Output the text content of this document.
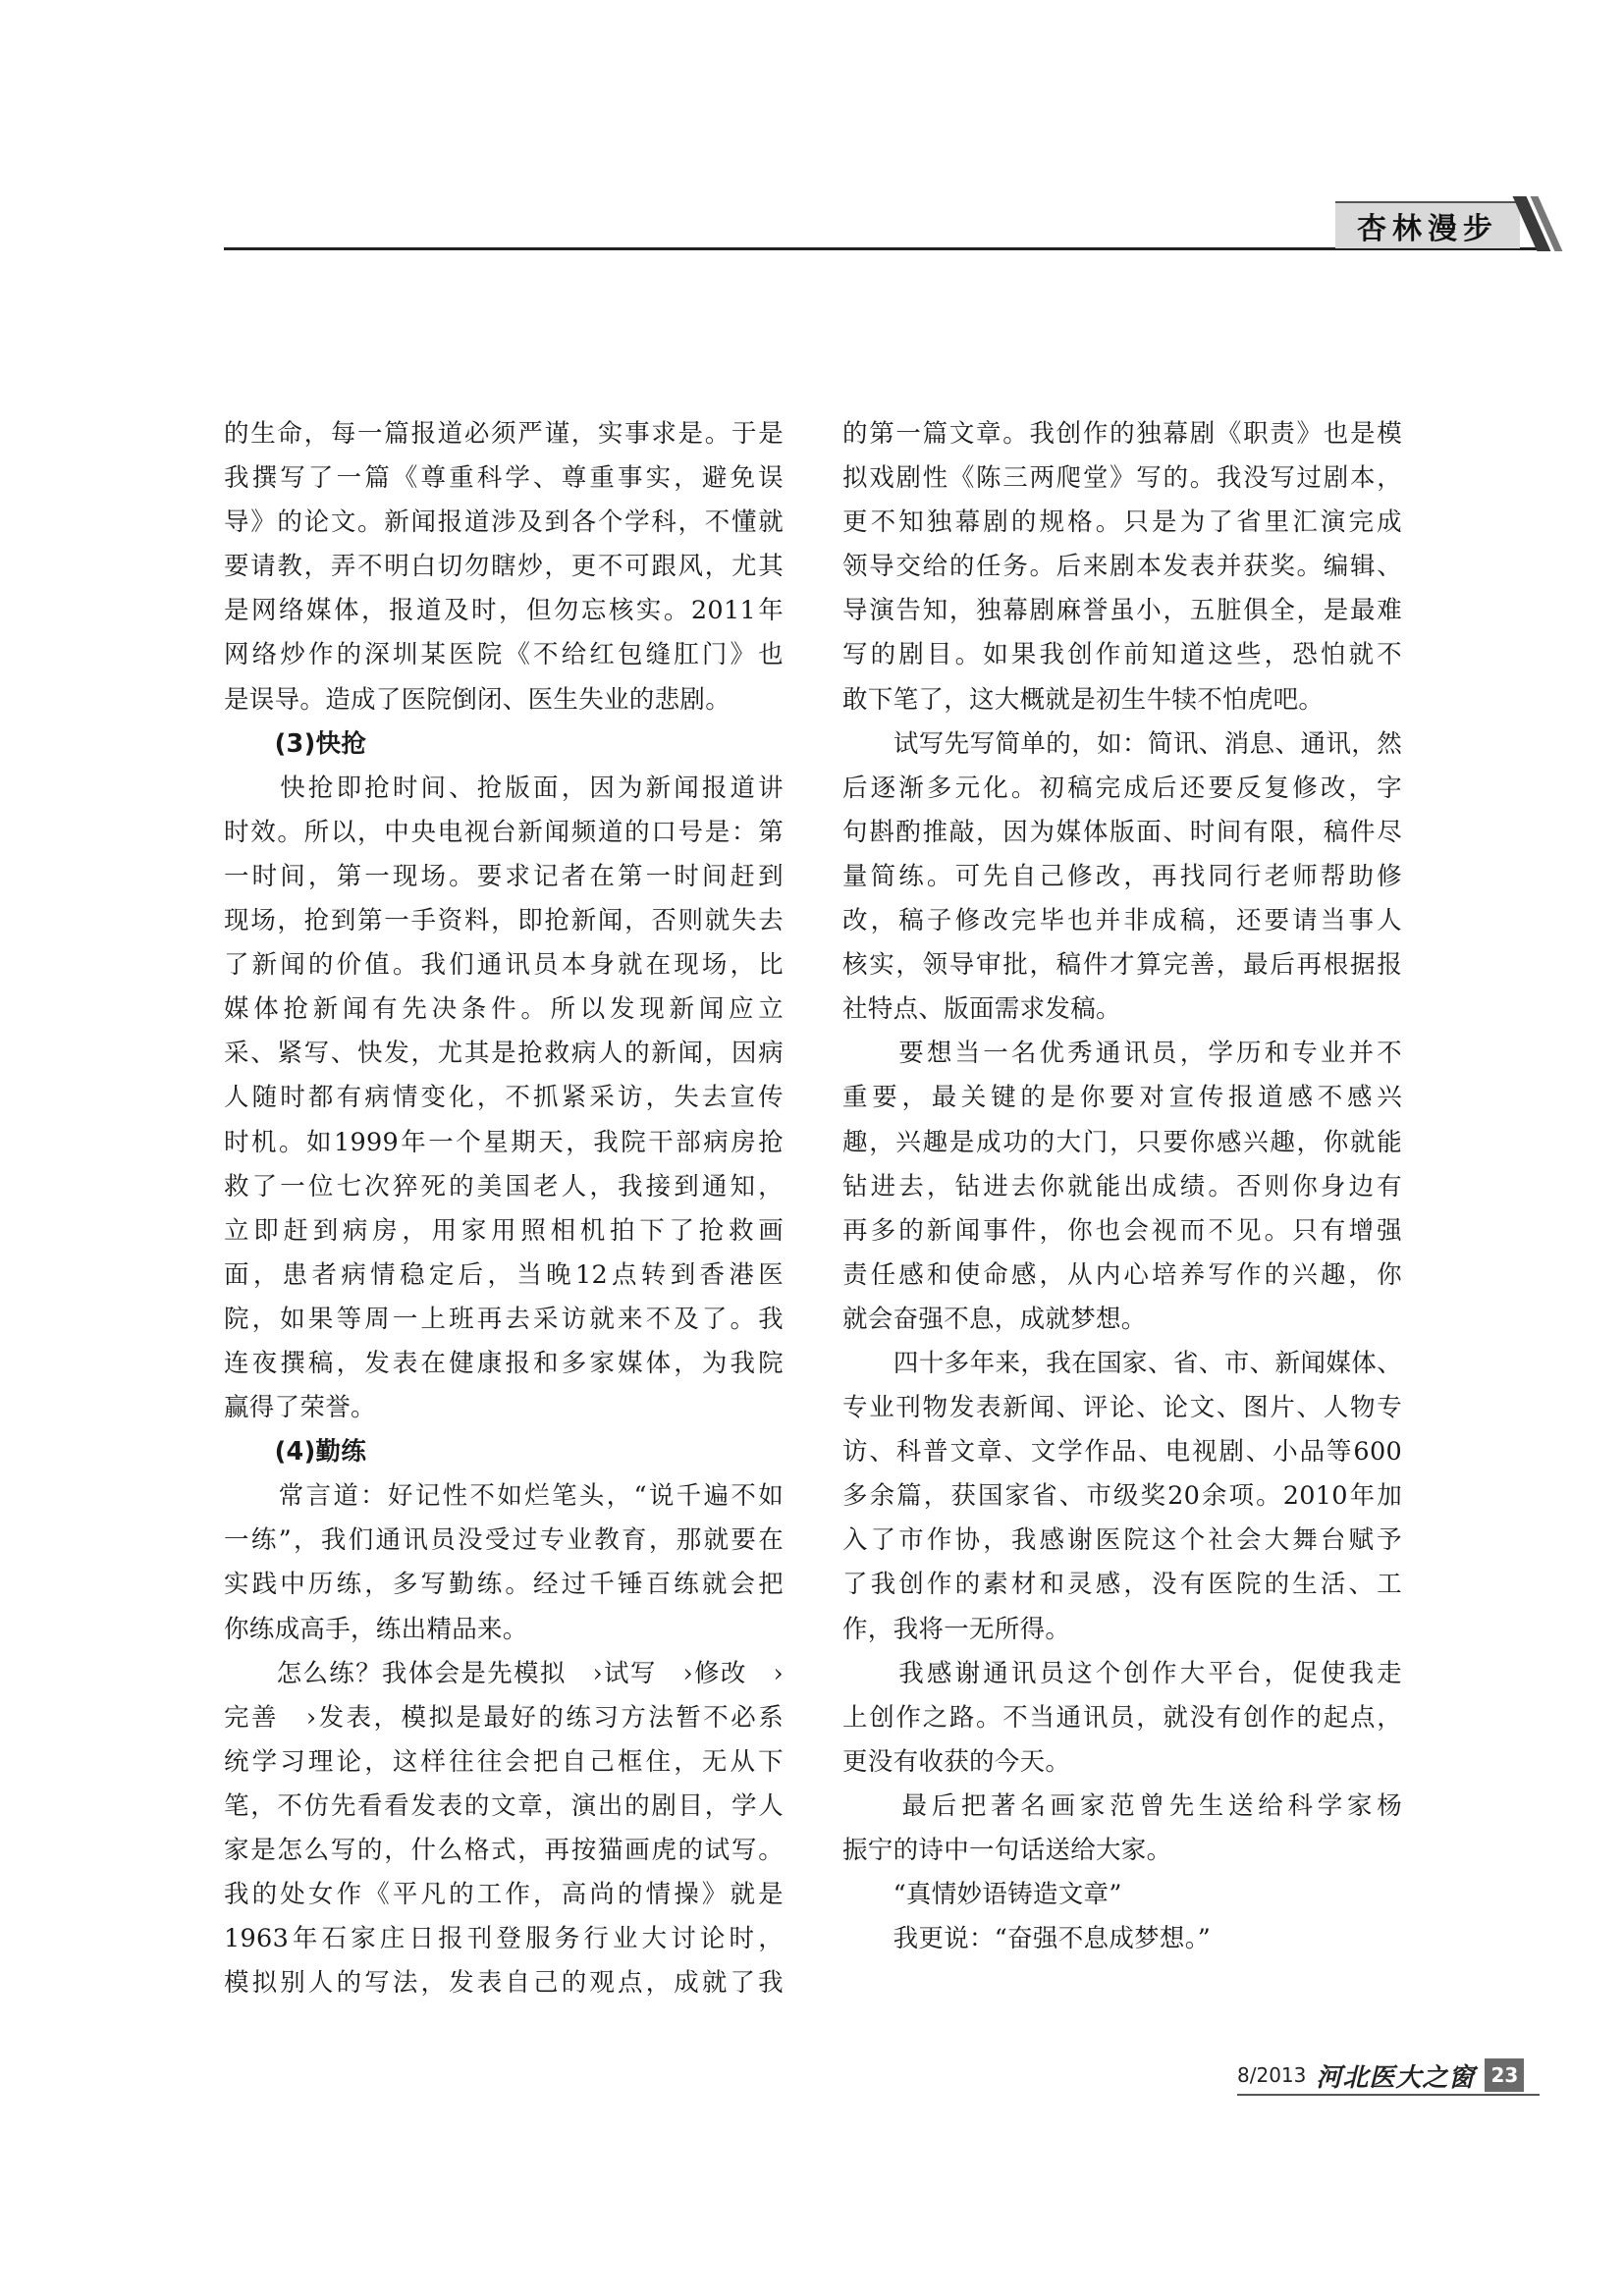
杏林漫步
的生命，每一篇报道必须严谨，实事求是。于是
我撰写了一篇《尊重科学、尊重事实，避免误
导》的论文。新闻报道涉及到各个学科，不懂就
要请教，弄不明白切勿瞎炒，更不可跟风，尤其
是网络媒体，报道及时，但勿忘核实。2011年
网络炒作的深圳某医院《不给红包缝肛门》也
是误导。造成了医院倒闭、医生失业的悲剧。
　　(3)快抢
　　快抢即抢时间、抢版面，因为新闻报道讲
时效。所以，中央电视台新闻频道的口号是：第
一时间，第一现场。要求记者在第一时间赶到
现场，抢到第一手资料，即抢新闻，否则就失去
了新闻的价值。我们通讯员本身就在现场，比
媒体抢新闻有先决条件。所以发现新闻应立
采、紧写、快发，尤其是抢救病人的新闻，因病
人随时都有病情变化，不抓紧采访，失去宣传
时机。如1999年一个星期天，我院干部病房抢
救了一位七次猝死的美国老人，我接到通知，
立即赶到病房，用家用照相机拍下了抢救画
面，患者病情稳定后，当晚12点转到香港医
院，如果等周一上班再去采访就来不及了。我
连夜撰稿，发表在健康报和多家媒体，为我院
赢得了荣誉。
　　(4)勤练
　　常言道：好记性不如烂笔头，“说千遍不如
一练”，我们通讯员没受过专业教育，那就要在
实践中历练，多写勤练。经过千锤百练就会把
你练成高手，练出精品来。
　　怎么练？我体会是先模拟　›试写　›修改　›
完善　›发表，模拟是最好的练习方法暂不必系
统学习理论，这样往往会把自己框住，无从下
笔，不仿先看看发表的文章，演出的剧目，学人
家是怎么写的，什么格式，再按猫画虎的试写。
我的处女作《平凡的工作，高尚的情操》就是
1963年石家庄日报刊登服务行业大讨论时，
模拟别人的写法，发表自己的观点，成就了我
的第一篇文章。我创作的独幕剧《职责》也是模
拟戏剧性《陈三两爬堂》写的。我没写过剧本，
更不知独幕剧的规格。只是为了省里汇演完成
领导交给的任务。后来剧本发表并获奖。编辑、
导演告知，独幕剧麻誉虽小，五脏俱全，是最难
写的剧目。如果我创作前知道这些，恐怕就不
敢下笔了，这大概就是初生牛犊不怕虎吧。
　　试写先写简单的，如：简讯、消息、通讯，然
后逐渐多元化。初稿完成后还要反复修改，字
句斟酌推敲，因为媒体版面、时间有限，稿件尽
量简练。可先自己修改，再找同行老师帮助修
改，稿子修改完毕也并非成稿，还要请当事人
核实，领导审批，稿件才算完善，最后再根据报
社特点、版面需求发稿。
　　要想当一名优秀通讯员，学历和专业并不
重要，最关键的是你要对宣传报道感不感兴
趣，兴趣是成功的大门，只要你感兴趣，你就能
钻进去，钻进去你就能出成绩。否则你身边有
再多的新闻事件，你也会视而不见。只有增强
责任感和使命感，从内心培养写作的兴趣，你
就会奋强不息，成就梦想。
　　四十多年来，我在国家、省、市、新闻媒体、
专业刊物发表新闻、评论、论文、图片、人物专
访、科普文章、文学作品、电视剧、小品等600
多余篇，获国家省、市级奖20余项。2010年加
入了市作协，我感谢医院这个社会大舞台赋予
了我创作的素材和灵感，没有医院的生活、工
作，我将一无所得。
　　我感谢通讯员这个创作大平台，促使我走
上创作之路。不当通讯员，就没有创作的起点，
更没有收获的今天。
　　最后把著名画家范曾先生送给科学家杨
振宁的诗中一句话送给大家。
　　“真情妙语铸造文章”
　　我更说：“奋强不息成梦想。”
8/2013 河北医大之窗 23
